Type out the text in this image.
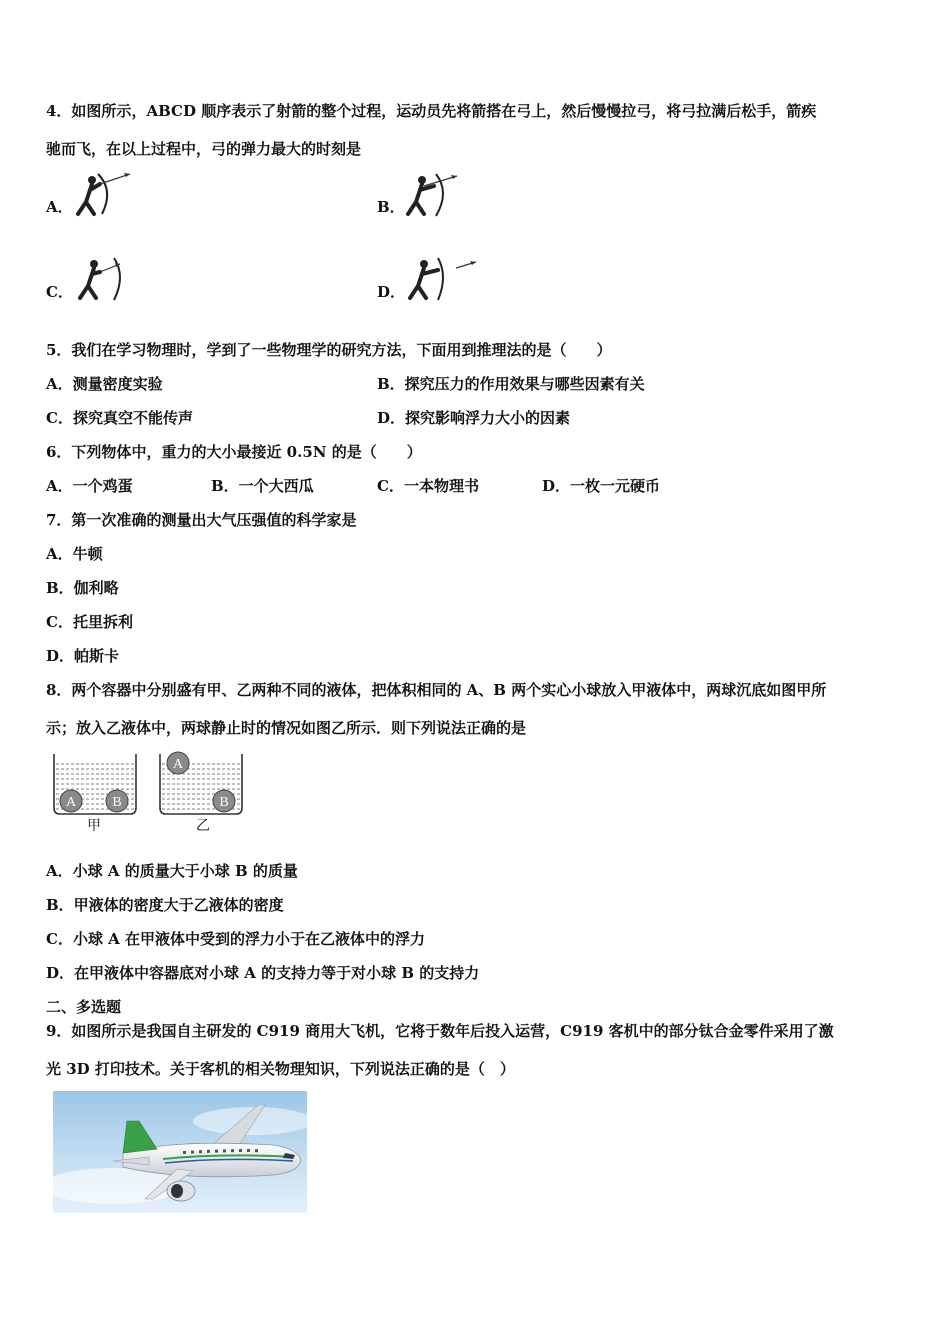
4．如图所示，ABCD 顺序表示了射箭的整个过程，运动员先将箭搭在弓上，然后慢慢拉弓，将弓拉满后松手，箭疾
驰而飞，在以上过程中，弓的弹力最大的时刻是
A．	B．
C．	D．
5．我们在学习物理时，学到了一些物理学的研究方法，下面用到推理法的是（　　）
A．测量密度实验	B．探究压力的作用效果与哪些因素有关
C．探究真空不能传声	D．探究影响浮力大小的因素
6．下列物体中，重力的大小最接近 0.5N 的是（　　）
A．一个鸡蛋	B．一个大西瓜	C．一本物理书	D．一枚一元硬币
7．第一次准确的测量出大气压强值的科学家是
A．牛顿
B．伽利略
C．托里拆利
D．帕斯卡
8．两个容器中分别盛有甲、乙两种不同的液体，把体积相同的 A、B 两个实心小球放入甲液体中，两球沉底如图甲所
示；放入乙液体中，两球静止时的情况如图乙所示．则下列说法正确的是
A	B
甲
A
B
乙
A．小球 A 的质量大于小球 B 的质量
B．甲液体的密度大于乙液体的密度
C．小球 A 在甲液体中受到的浮力小于在乙液体中的浮力
D．在甲液体中容器底对小球 A 的支持力等于对小球 B 的支持力
二、多选题
9．如图所示是我国自主研发的 C919 商用大飞机，它将于数年后投入运营，C919 客机中的部分钛合金零件采用了激
光 3D 打印技术。关于客机的相关物理知识，下列说法正确的是（　）
